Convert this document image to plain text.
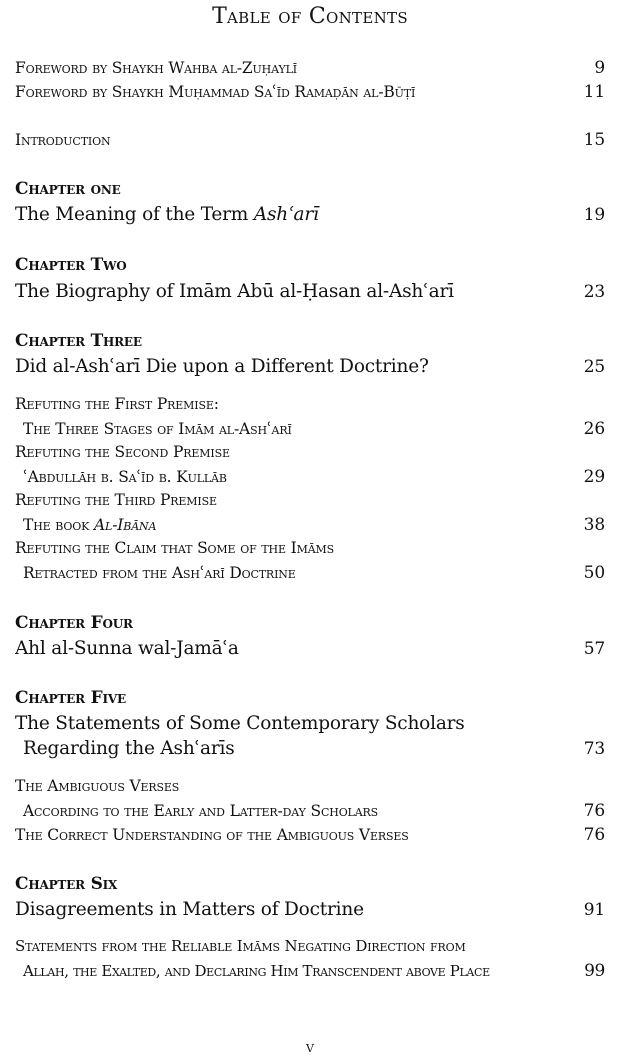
Table of Contents
Foreword by Shaykh Wahba al-Zuḥaylī	9
Foreword by Shaykh Muḥammad Saʿīd Ramaḍān al-Būṭī	11
Introduction	15
Chapter one
The Meaning of the Term Ashʿarī	19
Chapter Two
The Biography of Imām Abū al-Ḥasan al-Ashʿarī	23
Chapter Three
Did al-Ashʿarī Die upon a Different Doctrine?	25
Refuting the First Premise:
The Three Stages of Imām al-Ashʿarī	26
Refuting the Second Premise
ʿAbdullāh b. Saʿīd b. Kullāb	29
Refuting the Third Premise
The book Al-Ibāna	38
Refuting the Claim that Some of the Imāms
Retracted from the Ashʿarī Doctrine	50
Chapter Four
Ahl al-Sunna wal-Jamāʿa	57
Chapter Five
The Statements of Some Contemporary Scholars
Regarding the Ashʿarīs	73
The Ambiguous Verses
According to the Early and Latter-day Scholars	76
The Correct Understanding of the Ambiguous Verses	76
Chapter Six
Disagreements in Matters of Doctrine	91
Statements from the Reliable Imāms Negating Direction from
Allah, the Exalted, and Declaring Him Transcendent above Place	99
v
